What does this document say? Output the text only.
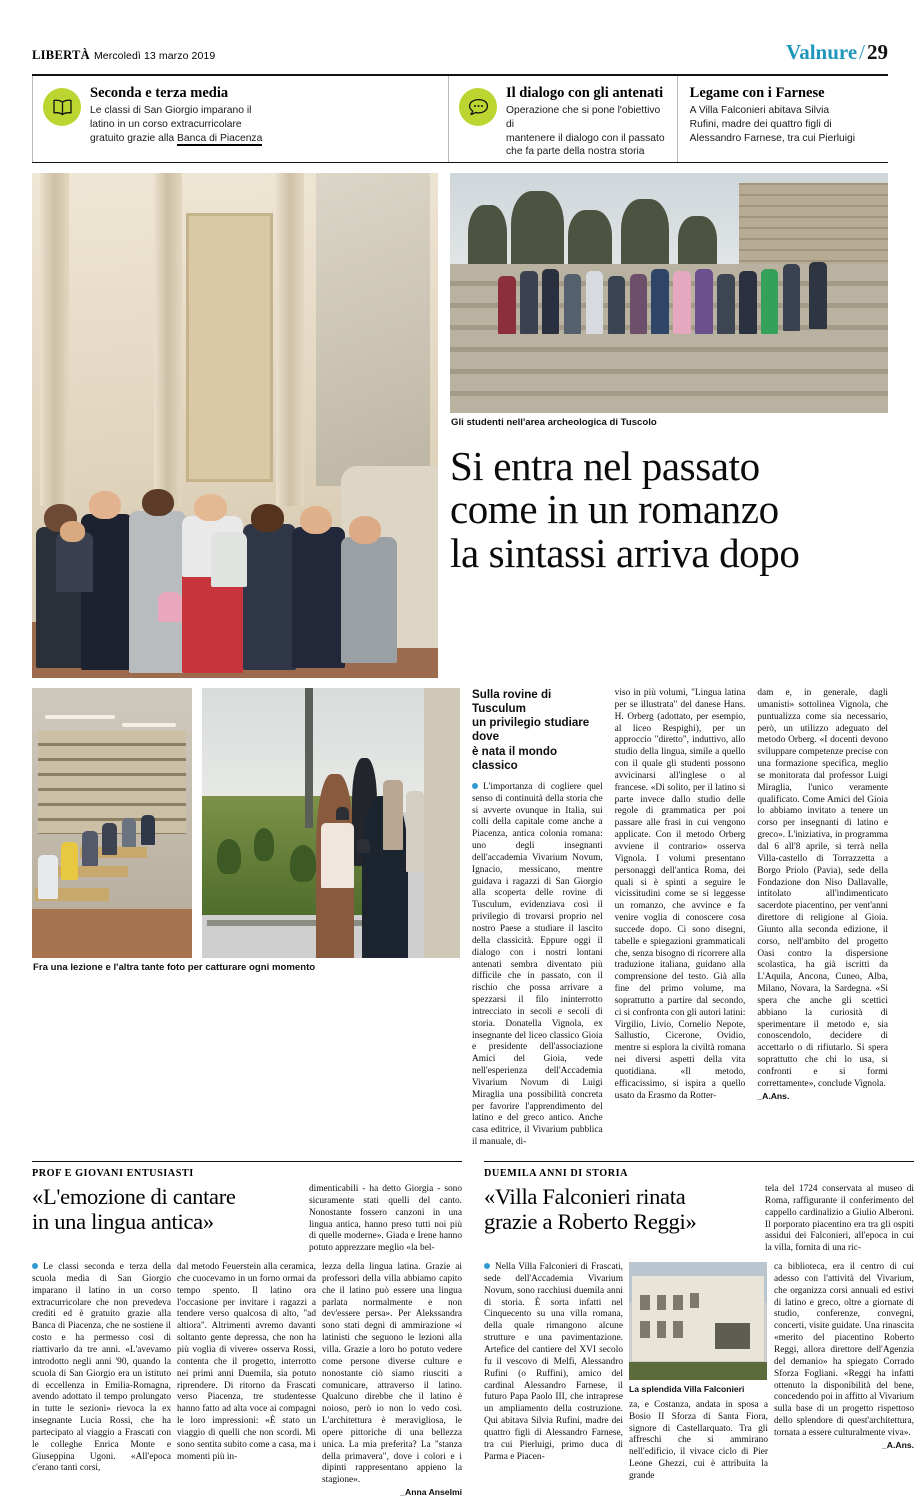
LIBERTÀ Mercoledì 13 marzo 2019	Valnure/29
Seconda e terza media
Le classi di San Giorgio imparano il
latino in un corso extracurricolare
gratuito grazie alla Banca di Piacenza
Il dialogo con gli antenati
Operazione che si pone l'obiettivo di
mantenere il dialogo con il passato
che fa parte della nostra storia
Legame con i Farnese
A Villa Falconieri abitava Silvia
Rufini, madre dei quattro figli di
Alessandro Farnese, tra cui Pierluigi
Gli studenti nell'area archeologica di Tuscolo
Si entra nel passato
come in un romanzo
la sintassi arriva dopo
Fra una lezione e l'altra tante foto per catturare ogni momento
Sulla rovine di Tusculum
un privilegio studiare dove
è nata il mondo classico

L'importanza di cogliere quel senso di continuità della storia che si avverte ovunque in Italia, sui colli della capitale come anche a Piacenza, antica colonia romana: uno degli insegnanti dell'accademia Vivarium Novum, Ignacio, messicano, mentre guidava i ragazzi di San Giorgio alla scoperta delle rovine di Tusculum, evidenziava così il privilegio di trovarsi proprio nel nostro Paese a studiare il lascito della classicità. Eppure oggi il dialogo con i nostri lontani antenati sembra diventato più difficile che in passato, con il rischio che possa arrivare a spezzarsi il filo ininterrotto intrecciato in secoli e secoli di storia. Donatella Vignola, ex insegnante del liceo classico Gioia e presidente dell'associazione Amici del Gioia, vede nell'esperienza dell'Accademia Vivarium Novum di Luigi Miraglia una possibilità concreta per favorire l'apprendimento del latino e del greco antico. Anche casa editrice, il Vivarium pubblica il manuale, di-

viso in più volumi, "Lingua latina per se illustrata" del danese Hans. H. Orberg (adottato, per esempio, al liceo Respighi), per un approccio "diretto", induttivo, allo studio della lingua, simile a quello con il quale gli studenti possono avvicinarsi all'inglese o al francese. «Di solito, per il latino si parte invece dallo studio delle regole di grammatica per poi passare alle frasi in cui vengono applicate. Con il metodo Orberg avviene il contrario» osserva Vignola. I volumi presentano personaggi dell'antica Roma, dei quali si è spinti a seguire le vicissitudini come se si leggesse un romanzo, che avvince e fa venire voglia di conoscere cosa succede dopo. Ci sono disegni, tabelle e spiegazioni grammaticali che, senza bisogno di ricorrere alla traduzione italiana, guidano alla comprensione del testo. Già alla fine del primo volume, ma soprattutto a partire dal secondo, ci si confronta con gli autori latini: Virgilio, Livio, Cornelio Nepote, Sallustio, Cicerone, Ovidio, mentre si esplora la civiltà romana nei diversi aspetti della vita quotidiana. «Il metodo, efficacissimo, si ispira a quello usato da Erasmo da Rotter-

dam e, in generale, dagli umanisti» sottolinea Vignola, che puntualizza come sia necessario, però, un utilizzo adeguato del metodo Orberg. «I docenti devono sviluppare competenze precise con una formazione specifica, meglio se monitorata dal professor Luigi Miraglia, l'unico veramente qualificato. Come Amici del Gioia lo abbiamo invitato a tenere un corso per insegnanti di latino e greco». L'iniziativa, in programma dal 6 all'8 aprile, si terrà nella Villa-castello di Torrazzetta a Borgo Priolo (Pavia), sede della Fondazione don Niso Dallavalle, intitolato all'indimenticato sacerdote piacentino, per vent'anni direttore di religione al Gioia. Giunto alla seconda edizione, il corso, nell'ambito del progetto Oasi contro la dispersione scolastica, ha già iscritti da L'Aquila, Ancona, Cuneo, Alba, Milano, Novara, la Sardegna. «Si spera che anche gli scettici abbiano la curiosità di sperimentare il metodo e, sia conoscendolo, decidere di accettarlo o di rifiutarlo. Si spera soprattutto che chi lo usa, si confronti e si formi correttamente», conclude Vignola.

_A.Ans.
PROF E GIOVANI ENTUSIASTI
«L'emozione di cantare
in una lingua antica»
dimenticabili - ha detto Giorgia - sono sicuramente stati quelli del canto. Nonostante fossero canzoni in una lingua antica, hanno preso tutti noi più di quelle moderne». Giada e Irene hanno potuto apprezzare meglio «la bel-

Le classi seconda e terza della scuola media di San Giorgio imparano il latino in un corso extracurricolare che non prevedeva crediti ed è gratuito grazie alla Banca di Piacenza, che ne sostiene il costo e ha permesso così di riattivarlo da tre anni. «L'avevamo introdotto negli anni '90, quando la scuola di San Giorgio era un istituto di eccellenza in Emilia-Romagna, avendo adottato il tempo prolungato in tutte le sezioni» rievoca la ex insegnante Lucia Rossi, che ha partecipato al viaggio a Frascati con le colleghe Enrica Monte e Giuseppina Ugoni. «All'epoca c'erano tanti corsi,

dal metodo Feuerstein alla ceramica, che cuocevamo in un forno ormai da tempo spento. Il latino ora l'occasione per invitare i ragazzi a tendere verso qualcosa di alto, "ad altiora". Altrimenti avremo davanti soltanto gente depressa, che non ha più voglia di vivere» osserva Rossi, contenta che il progetto, interrotto nei primi anni Duemila, sia potuto riprendere. Di ritorno da Frascati verso Piacenza, tre studentesse hanno fatto ad alta voce ai compagni le loro impressioni: «È stato un viaggio di quelli che non scordi. Mi sono sentita subito come a casa, ma i momenti più in-

lezza della lingua latina. Grazie ai professori della villa abbiamo capito che il latino può essere una lingua parlata normalmente e non dev'essere persa». Per Alekssandra sono stati degni di ammirazione «i latinisti che seguono le lezioni alla villa. Grazie a loro ho potuto vedere come persone diverse culture e nonostante ciò siamo riusciti a comunicare, attraverso il latino. Qualcuno direbbe che il latino è noioso, però io non lo vedo così. L'architettura è meravigliosa, le opere pittoriche di una bellezza unica. La mia preferita? La "stanza della primavera", dove i colori e i dipinti rappresentano appieno la stagione».

_Anna Anselmi
DUEMILA ANNI DI STORIA
«Villa Falconieri rinata
grazie a Roberto Reggi»
tela del 1724 conservata al museo di Roma, raffigurante il conferimento del cappello cardinalizio a Giulio Alberoni. Il porporato piacentino era tra gli ospiti assidui dei Falconieri, all'epoca in cui la villa, fornita di una ric-

Nella Villa Falconieri di Frascati, sede dell'Accademia Vivarium Novum, sono racchiusi duemila anni di storia. È sorta infatti nel Cinquecento su una villa romana, della quale rimangono alcune strutture e una pavimentazione. Artefice del cantiere del XVI secolo fu il vescovo di Melfi, Alessandro Rufini (o Ruffini), amico del cardinal Alessandro Farnese, il futuro Papa Paolo III, che intraprese un ampliamento della costruzione. Qui abitava Silvia Rufini, madre dei quattro figli di Alessandro Farnese, tra cui Pierluigi, primo duca di Parma e Piacen-

La splendida Villa Falconieri

za, e Costanza, andata in sposa a Bosio II Sforza di Santa Fiora, signore di Castellarquato. Tra gli affreschi che si ammirano nell'edificio, il vivace ciclo di Pier Leone Ghezzi, cui è attribuita la grande

ca biblioteca, era il centro di cui adesso con l'attività del Vivarium, che organizza corsi annuali ed estivi di latino e greco, oltre a giornate di studio, conferenze, convegni, concerti, visite guidate. Una rinascita «merito del piacentino Roberto Reggi, allora direttore dell'Agenzia del demanio» ha spiegato Corrado Sforza Fogliani. «Reggi ha infatti ottenuto la disponibilità del bene, concedendo poi in affitto al Vivarium sulla base di un progetto rispettoso dello splendore di quest'architettura, tornata a essere culturalmente viva».

_A.Ans.
